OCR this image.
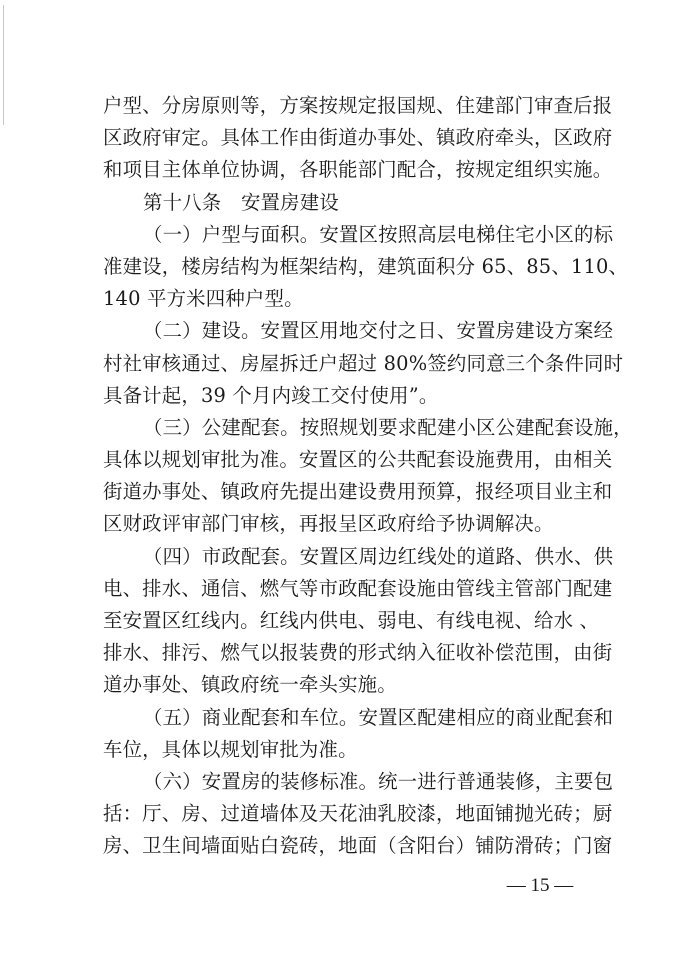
户型、分房原则等，方案按规定报国规、住建部门审查后报
区政府审定。具体工作由街道办事处、镇政府牵头，区政府
和项目主体单位协调，各职能部门配合，按规定组织实施。
第十八条　安置房建设
（一）户型与面积。安置区按照高层电梯住宅小区的标
准建设，楼房结构为框架结构，建筑面积分 65、85、110、
140 平方米四种户型。
（二）建设。安置区用地交付之日、安置房建设方案经
村社审核通过、房屋拆迁户超过 80%签约同意三个条件同时
具备计起，39 个月内竣工交付使用”。
（三）公建配套。按照规划要求配建小区公建配套设施，
具体以规划审批为准。安置区的公共配套设施费用，由相关
街道办事处、镇政府先提出建设费用预算，报经项目业主和
区财政评审部门审核，再报呈区政府给予协调解决。
（四）市政配套。安置区周边红线处的道路、供水、供
电、排水、通信、燃气等市政配套设施由管线主管部门配建
至安置区红线内。红线内供电、弱电、有线电视、给水 、
排水、排污、燃气以报装费的形式纳入征收补偿范围，由街
道办事处、镇政府统一牵头实施。
（五）商业配套和车位。安置区配建相应的商业配套和
车位，具体以规划审批为准。
（六）安置房的装修标准。统一进行普通装修，主要包
括：厅、房、过道墙体及天花油乳胶漆，地面铺抛光砖；厨
房、卫生间墙面贴白瓷砖，地面（含阳台）铺防滑砖；门窗
— 15 —
